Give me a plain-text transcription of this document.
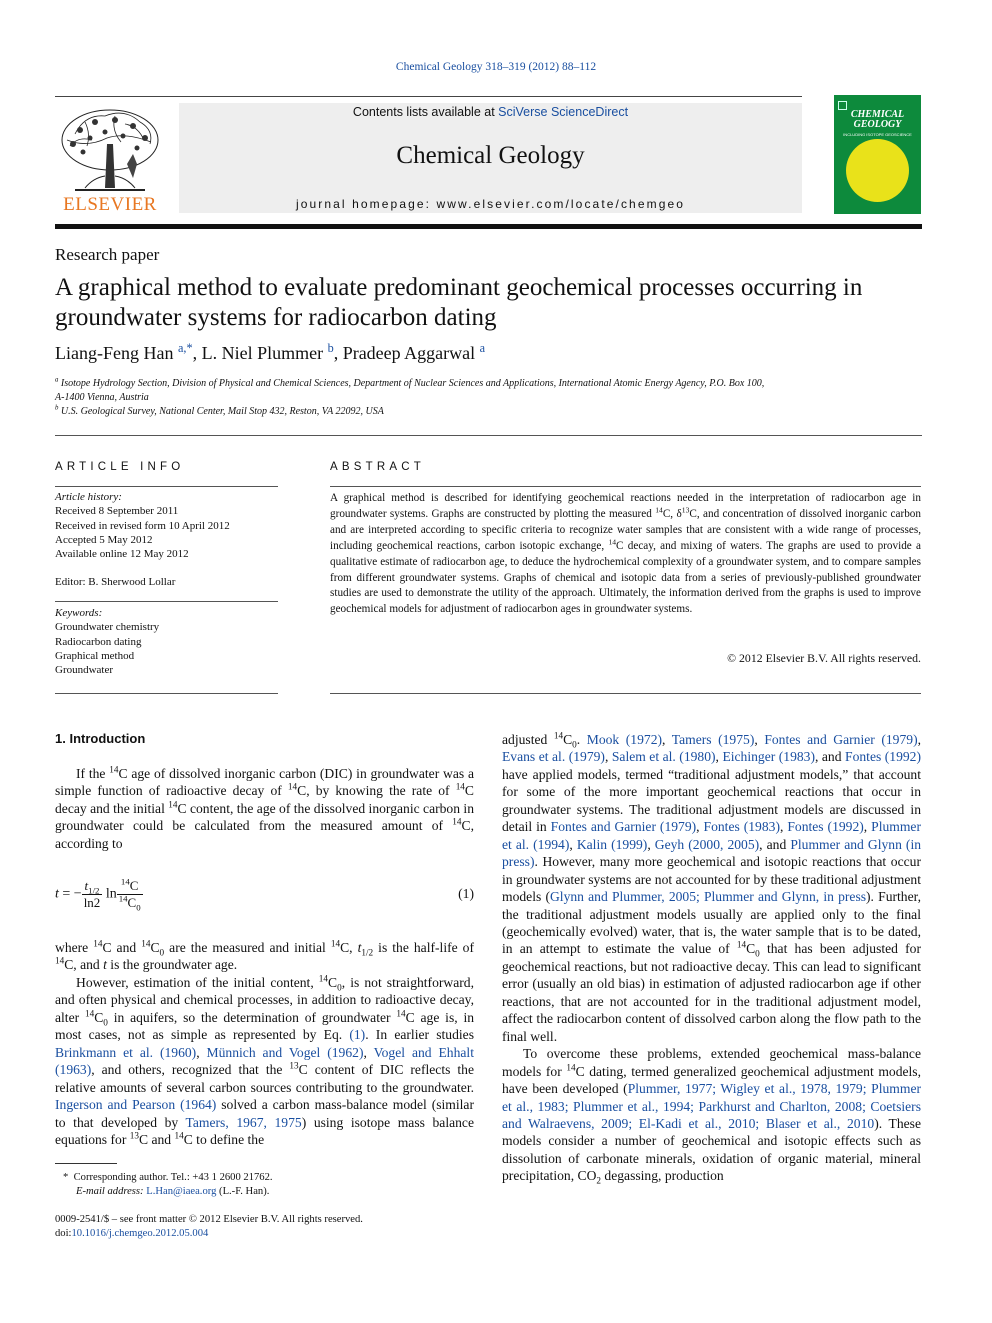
Chemical Geology 318–319 (2012) 88–112
ELSEVIER
Contents lists available at SciVerse ScienceDirect
Chemical Geology
journal homepage: www.elsevier.com/locate/chemgeo
CHEMICAL
GEOLOGY
INCLUDING ISOTOPE GEOSCIENCE
Research paper
A graphical method to evaluate predominant geochemical processes occurring in groundwater systems for radiocarbon dating
Liang-Feng Han $^{a,*}$, L. Niel Plummer $^b$, Pradeep Aggarwal $^a$
$^a$ Isotope Hydrology Section, Division of Physical and Chemical Sciences, Department of Nuclear Sciences and Applications, International Atomic Energy Agency, P.O. Box 100,
A-1400 Vienna, Austria
$^b$ U.S. Geological Survey, National Center, Mail Stop 432, Reston, VA 22092, USA
ARTICLE INFO
Article history:
Received 8 September 2011
Received in revised form 10 April 2012
Accepted 5 May 2012
Available online 12 May 2012
Editor: B. Sherwood Lollar
Keywords:
Groundwater chemistry
Radiocarbon dating
Graphical method
Groundwater
ABSTRACT
A graphical method is described for identifying geochemical reactions needed in the interpretation of radiocarbon age in groundwater systems. Graphs are constructed by plotting the measured $^{14}$C, $\delta^{13}C$, and concentration of dissolved inorganic carbon and are interpreted according to specific criteria to recognize water samples that are consistent with a wide range of processes, including geochemical reactions, carbon isotopic exchange, $^{14}$C decay, and mixing of waters. The graphs are used to provide a qualitative estimate of radiocarbon age, to deduce the hydrochemical complexity of a groundwater system, and to compare samples from different groundwater systems. Graphs of chemical and isotopic data from a series of previously-published groundwater studies are used to demonstrate the utility of the approach. Ultimately, the information derived from the graphs is used to improve geochemical models for adjustment of radiocarbon ages in groundwater systems.
© 2012 Elsevier B.V. All rights reserved.
1. Introduction

If the $^{14}$C age of dissolved inorganic carbon (DIC) in groundwater was a simple function of radioactive decay of $^{14}$C, by knowing the rate of $^{14}$C decay and the initial $^{14}$C content, the age of the dissolved inorganic carbon in groundwater could be calculated from the measured amount of $^{14}$C, according to

t = − $\frac{t_{1/2}}{\ln 2}$ $\ln \frac{^{14}C}{^{14}C_0}$	(1)

where $^{14}$C and $^{14}C_0$ are the measured and initial $^{14}$C, $t_{1/2}$ is the half-life of $^{14}$C, and t is the groundwater age.

However, estimation of the initial content, $^{14}C_0$, is not straightforward, and often physical and chemical processes, in addition to radioactive decay, alter $^{14}C_0$ in aquifers, so the determination of groundwater $^{14}$C age is, in most cases, not as simple as represented by Eq. (1). In earlier studies Brinkmann et al. (1960), Münnich and Vogel (1962), Vogel and Ehhalt (1963), and others, recognized that the $^{13}$C content of DIC reflects the relative amounts of several carbon sources contributing to the groundwater. Ingerson and Pearson (1964) solved a carbon mass-balance model (similar to that developed by Tamers, 1967, 1975) using isotope mass balance equations for $^{13}$C and $^{14}$C to define the

*  Corresponding author. Tel.: +43 1 2600 21762.
E-mail address: L.Han@iaea.org (L.-F. Han).
0009-2541/$ – see front matter © 2012 Elsevier B.V. All rights reserved.
doi:10.1016/j.chemgeo.2012.05.004

adjusted $^{14}C_0$. Mook (1972), Tamers (1975), Fontes and Garnier (1979), Evans et al. (1979), Salem et al. (1980), Eichinger (1983), and Fontes (1992) have applied models, termed “traditional adjustment models,” that account for some of the more important geochemical reactions that occur in groundwater systems. The traditional adjustment models are discussed in detail in Fontes and Garnier (1979), Fontes (1983), Fontes (1992), Plummer et al. (1994), Kalin (1999), Geyh (2000, 2005), and Plummer and Glynn (in press). However, many more geochemical and isotopic reactions that occur in groundwater systems are not accounted for by these traditional adjustment models (Glynn and Plummer, 2005; Plummer and Glynn, in press). Further, the traditional adjustment models usually are applied only to the final (geochemically evolved) water, that is, the water sample that is to be dated, in an attempt to estimate the value of $^{14}C_0$ that has been adjusted for geochemical reactions, but not radioactive decay. This can lead to significant error (usually an old bias) in estimation of adjusted radiocarbon age if other reactions, that are not accounted for in the traditional adjustment model, affect the radiocarbon content of dissolved carbon along the flow path to the final well.

To overcome these problems, extended geochemical mass-balance models for $^{14}$C dating, termed generalized geochemical adjustment models, have been developed (Plummer, 1977; Wigley et al., 1978, 1979; Plummer et al., 1983; Plummer et al., 1994; Parkhurst and Charlton, 2008; Coetsiers and Walraevens, 2009; El-Kadi et al., 2010; Blaser et al., 2010). These models consider a number of geochemical and isotopic effects such as dissolution of carbonate minerals, oxidation of organic material, mineral precipitation, $CO_2$ degassing, production
